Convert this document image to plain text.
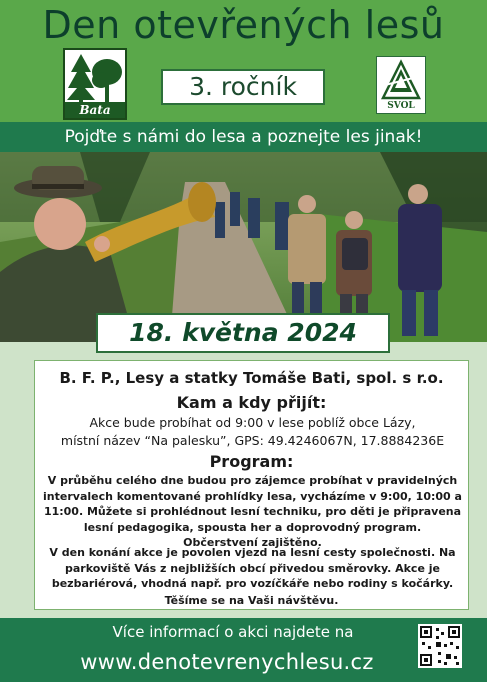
Den otevřených lesů
Bata
3. ročník
SVOL
Pojďte s námi do lesa a poznejte les jinak!
18. května 2024
B. F. P., Lesy a statky Tomáše Bati, spol. s r.o.
Kam a kdy přijít:
Akce bude probíhat od 9:00 v lese poblíž obce Lázy,
místní název “Na palesku”, GPS: 49.4246067N, 17.8884236E
Program:
V průběhu celého dne budou pro zájemce probíhat v pravidelných intervalech komentované prohlídky lesa, vycházíme v 9:00, 10:00 a 11:00. Můžete si prohlédnout lesní techniku, pro děti je připravena lesní pedagogika, spousta her a doprovodný program.
Občerstvení zajištěno.
V den konání akce je povolen vjezd na lesní cesty společnosti. Na parkoviště Vás z nejbližších obcí přivedou směrovky. Akce je bezbariérová, vhodná např. pro vozíčkáře nebo rodiny s kočárky.
Těšíme se na Vaši návštěvu.
Více informací o akci najdete na
www.denotevrenychlesu.cz
